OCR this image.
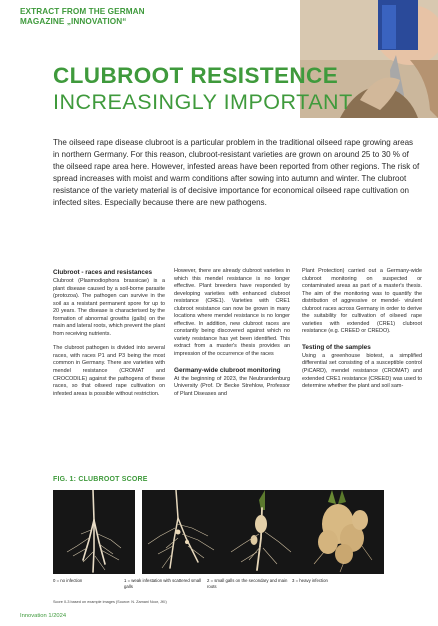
EXTRACT FROM THE GERMAN
MAGAZINE „INNOVATION“
CLUBROOT RESISTENCE
INCREASINGLY IMPORTANT
The oilseed rape disease clubroot is a particular problem in the traditional oilseed rape growing areas in northern Germany. For this reason, clubroot-resistant varieties are grown on around 25 to 30 % of the oilseed rape area here. However, infested areas have been reported from other regions. The risk of spread increases with moist and warm conditions after sowing into autumn and winter. The clubroot resistance of the variety material is of decisive importance for economical oilseed rape cultivation on infected sites. Especially because there are new pathogens.
Clubroot - races and resistances

Clubroot (Plasmodiophora brassicae) is a plant disease caused by a soil-borne parasite (protozoa). The pathogen can survive in the soil as a resistant permanent spore for up to 20 years. The disease is characterised by the formation of abnormal growths (galls) on the main and lateral roots, which prevent the plant from receiving nutrients.

The clubroot pathogen is divided into several races, with races P1 and P3 being the most common in Germany. There are varieties with mendel resistance (CROMAT and CROCODILE) against the pathogens of these races, so that oilseed rape cultivation on infested areas is possible without restriction.

However, there are already clubroot varieties in which this mendel resistance is no longer effective. Plant breeders have responded by developing varieties with enhanced clubroot resistance (CRE1). Varieties with CRE1 clubroot resistance can now be grown in many locations where mendel resistance is no longer effective. In addition, new clubroot races are constantly being discovered against which no variety resistance has yet been identified. This extract from a master's thesis provides an impression of the occurrence of the races

Germany-wide clubroot monitoring

At the beginning of 2023, the Neubrandenburg University (Prof. Dr Becke Strehlow, Professor of Plant Diseases and

Plant Protection) carried out a Germany-wide clubroot monitoring on suspected or contaminated areas as part of a master's thesis. The aim of the monitoring was to quantify the distribution of aggressive or mendel- virulent clubroot races across Germany in order to derive the suitability for cultivation of oilseed rape varieties with extended (CRE1) clubroot resistance (e.g. CREED or CREDO).

Testing of the samples

Using a greenhouse biotest, a simplified differential set consisting of a susceptible control (PiCARD), mendel resistance (CROMAT) and extended CRE1 resistance (CREED) was used to determine whether the plant and soil sam-

FIG. 1: CLUBROOT SCORE
0 = no infection	1 = weak infestation with scattered small galls
2 = small galls on the secondary and main roots
3 = heavy infection
Score 0-3 based on example images (Source: N. Zamani Noor, JKI)
Innovation 1/2024
